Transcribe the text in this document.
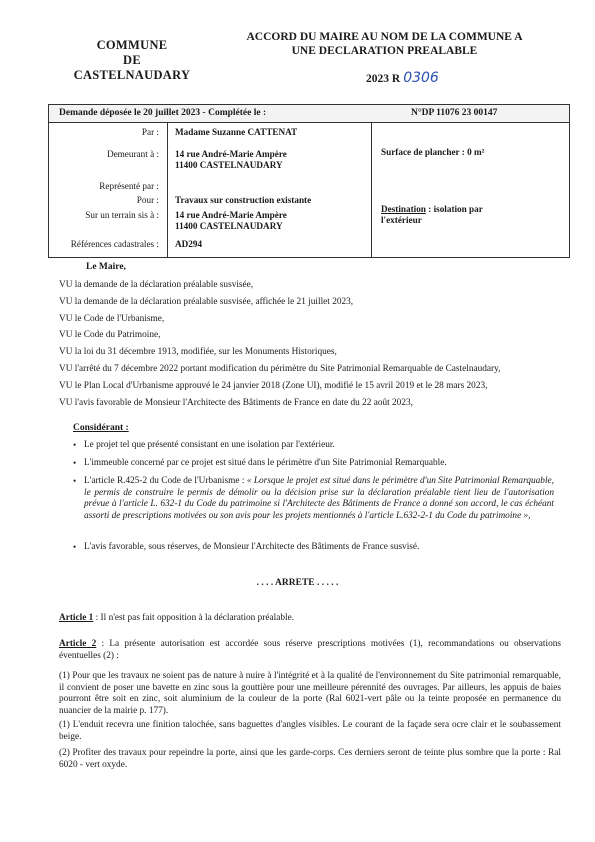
COMMUNE
DE
CASTELNAUDARY
ACCORD DU MAIRE AU NOM DE LA COMMUNE A
UNE DECLARATION PREALABLE
2023 R 0306
Demande déposée le 20 juillet 2023 - Complétée le :	N°DP 11076 23 00147
Par : Madame Suzanne CATTENAT
Demeurant à : 14 rue André-Marie Ampère
11400 CASTELNAUDARY
Représenté par :
Pour : Travaux sur construction existante
Sur un terrain sis à : 14 rue André-Marie Ampère
11400 CASTELNAUDARY
Références cadastrales : AD294
Surface de plancher : 0 m²
Destination : isolation par
l'extérieur
Le Maire,
VU la demande de la déclaration préalable susvisée,
VU la demande de la déclaration préalable susvisée, affichée le 21 juillet 2023,
VU le Code de l'Urbanisme,
VU le Code du Patrimoine,
VU la loi du 31 décembre 1913, modifiée, sur les Monuments Historiques,
VU l'arrêté du 7 décembre 2022 portant modification du périmètre du Site Patrimonial Remarquable de Castelnaudary,
VU le Plan Local d'Urbanisme approuvé le 24 janvier 2018 (Zone UI), modifié le 15 avril 2019 et le 28 mars 2023,
VU l'avis favorable de Monsieur l'Architecte des Bâtiments de France en date du 22 août 2023,
Considérant :
• Le projet tel que présenté consistant en une isolation par l'extérieur.
• L'immeuble concerné par ce projet est situé dans le périmètre d'un Site Patrimonial Remarquable.
• L'article R.425-2 du Code de l'Urbanisme : « Lorsque le projet est situé dans le périmètre d'un Site Patrimonial Remarquable, le permis de construire le permis de démolir ou la décision prise sur la déclaration préalable tient lieu de l'autorisation prévue à l'article L. 632-1 du Code du patrimoine si l'Architecte des Bâtiments de France a donné son accord, le cas échéant assorti de prescriptions motivées ou son avis pour les projets mentionnés à l'article L.632-2-1 du Code du patrimoine »,
• L'avis favorable, sous réserves, de Monsieur l'Architecte des Bâtiments de France susvisé.
. . . . ARRETE . . . . .
Article 1 : Il n'est pas fait opposition à la déclaration préalable.
Article 2 : La présente autorisation est accordée sous réserve prescriptions motivées (1), recommandations ou observations éventuelles (2) :
(1) Pour que les travaux ne soient pas de nature à nuire à l'intégrité et à la qualité de l'environnement du Site patrimonial remarquable, il convient de poser une bavette en zinc sous la gouttière pour une meilleure pérennité des ouvrages. Par ailleurs, les appuis de baies pourront être soit en zinc, soit aluminium de la couleur de la porte (Ral 6021-vert pâle ou la teinte proposée en permanence du nuancier de la mairie p. 177).
(1) L'enduit recevra une finition talochée, sans baguettes d'angles visibles. Le courant de la façade sera ocre clair et le soubassement beige.
(2) Profiter des travaux pour repeindre la porte, ainsi que les garde-corps. Ces derniers seront de teinte plus sombre que la porte : Ral 6020 - vert oxyde.
